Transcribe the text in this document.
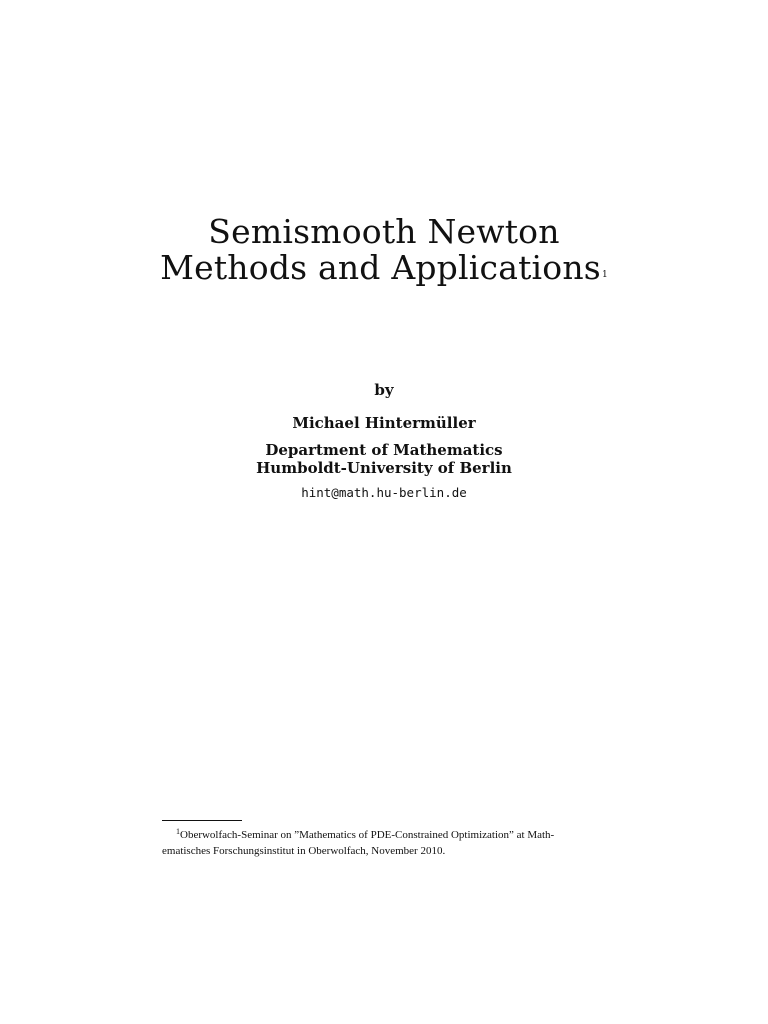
Semismooth Newton
Methods and Applications1
by
Michael Hintermüller
Department of Mathematics
Humboldt-University of Berlin
hint@math.hu-berlin.de
$^1$Oberwolfach-Seminar on ”Mathematics of PDE-Constrained Optimization” at Math-
ematisches Forschungsinstitut in Oberwolfach, November 2010.
